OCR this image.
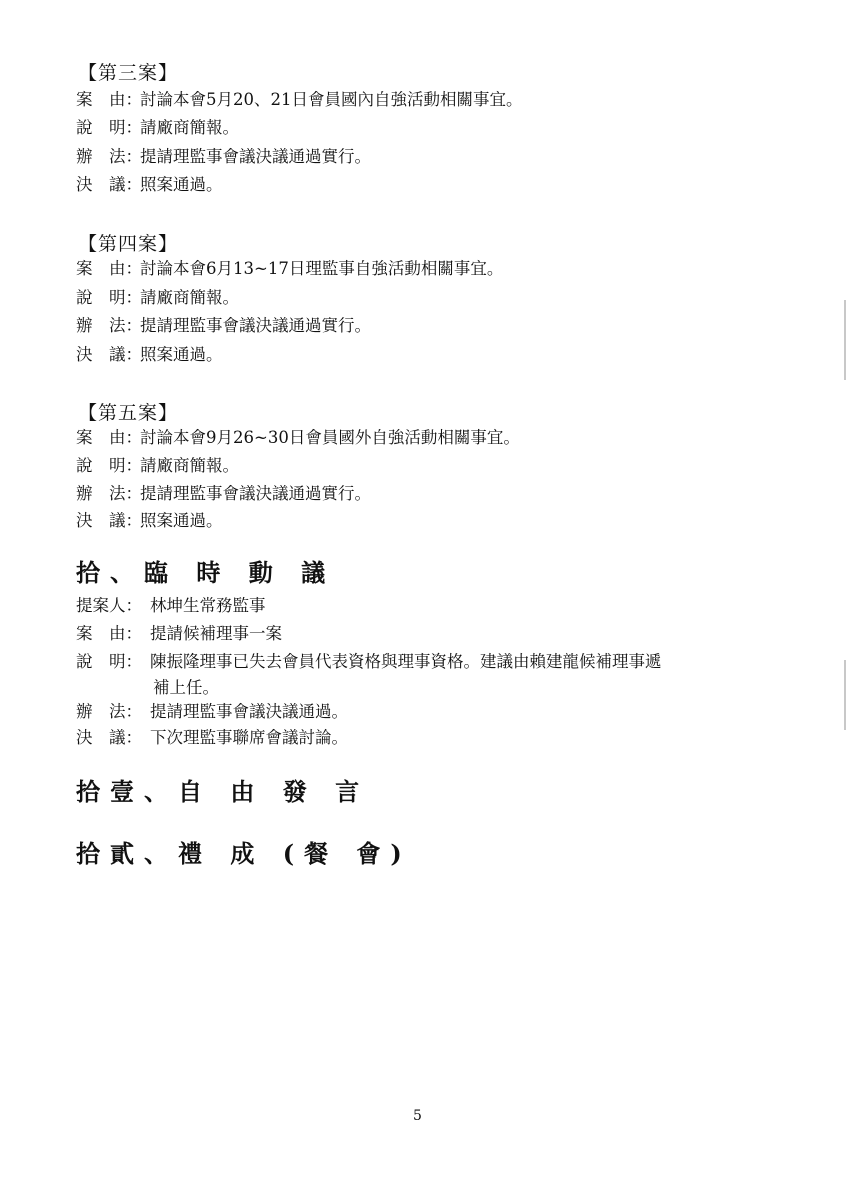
【第三案】
案　由：討論本會5月20、21日會員國內自強活動相關事宜。
說　明：請廠商簡報。
辦　法：提請理監事會議決議通過實行。
決　議：照案通過。
【第四案】
案　由：討論本會6月13~17日理監事自強活動相關事宜。
說　明：請廠商簡報。
辦　法：提請理監事會議決議通過實行。
決　議：照案通過。
【第五案】
案　由：討論本會9月26~30日會員國外自強活動相關事宜。
說　明：請廠商簡報。
辦　法：提請理監事會議決議通過實行。
決　議：照案通過。
拾、臨 時 動 議
提案人： 林坤生常務監事
案　由： 提請候補理事一案
說　明： 陳振隆理事已失去會員代表資格與理事資格。建議由賴建龍候補理事遞
補上任。
辦　法： 提請理監事會議決議通過。
決　議： 下次理監事聯席會議討論。
拾壹、自 由 發 言
拾貳、禮 成 (餐 會)
5
